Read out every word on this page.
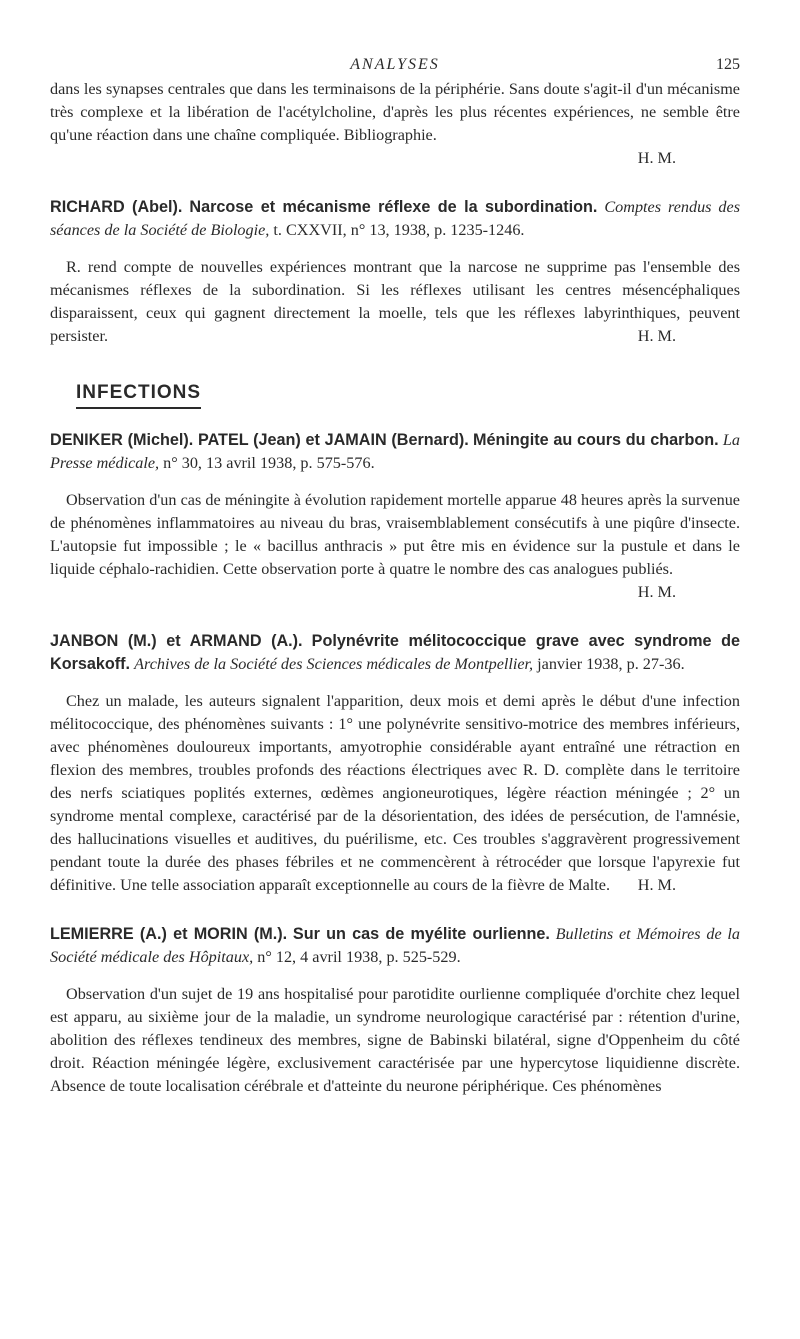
ANALYSES	125

dans les synapses centrales que dans les terminaisons de la périphérie. Sans doute s'agit-il d'un mécanisme très complexe et la libération de l'acétylcholine, d'après les plus récentes expériences, ne semble être qu'une réaction dans une chaîne compliquée. Bibliographie.

H. M.

RICHARD (Abel). Narcose et mécanisme réflexe de la subordination. Comptes rendus des séances de la Société de Biologie, t. CXXVII, n° 13, 1938, p. 1235-1246.

R. rend compte de nouvelles expériences montrant que la narcose ne supprime pas l'ensemble des mécanismes réflexes de la subordination. Si les réflexes utilisant les centres mésencéphaliques disparaissent, ceux qui gagnent directement la moelle, tels que les réflexes labyrinthiques, peuvent persister.	H. M.

INFECTIONS
DENIKER (Michel). PATEL (Jean) et JAMAIN (Bernard). Méningite au cours du charbon. La Presse médicale, n° 30, 13 avril 1938, p. 575-576.

Observation d'un cas de méningite à évolution rapidement mortelle apparue 48 heures après la survenue de phénomènes inflammatoires au niveau du bras, vraisemblablement consécutifs à une piqûre d'insecte. L'autopsie fut impossible ; le « bacillus anthracis » put être mis en évidence sur la pustule et dans le liquide céphalo-rachidien. Cette observation porte à quatre le nombre des cas analogues publiés.

H. M.

JANBON (M.) et ARMAND (A.). Polynévrite mélitococcique grave avec syndrome de Korsakoff. Archives de la Société des Sciences médicales de Montpellier, janvier 1938, p. 27-36.

Chez un malade, les auteurs signalent l'apparition, deux mois et demi après le début d'une infection mélitococcique, des phénomènes suivants : 1° une polynévrite sensitivo-motrice des membres inférieurs, avec phénomènes douloureux importants, amyotrophie considérable ayant entraîné une rétraction en flexion des membres, troubles profonds des réactions électriques avec R. D. complète dans le territoire des nerfs sciatiques poplités externes, œdèmes angioneurotiques, légère réaction méningée ; 2° un syndrome mental complexe, caractérisé par de la désorientation, des idées de persécution, de l'amnésie, des hallucinations visuelles et auditives, du puérilisme, etc. Ces troubles s'aggravèrent progressivement pendant toute la durée des phases fébriles et ne commencèrent à rétrocéder que lorsque l'apyrexie fut définitive. Une telle association apparaît exceptionnelle au cours de la fièvre de Malte.	H. M.

LEMIERRE (A.) et MORIN (M.). Sur un cas de myélite ourlienne. Bulletins et Mémoires de la Société médicale des Hôpitaux, n° 12, 4 avril 1938, p. 525-529.

Observation d'un sujet de 19 ans hospitalisé pour parotidite ourlienne compliquée d'orchite chez lequel est apparu, au sixième jour de la maladie, un syndrome neurologique caractérisé par : rétention d'urine, abolition des réflexes tendineux des membres, signe de Babinski bilatéral, signe d'Oppenheim du côté droit. Réaction méningée légère, exclusivement caractérisée par une hypercytose liquidienne discrète. Absence de toute localisation cérébrale et d'atteinte du neurone périphérique. Ces phénomènes
